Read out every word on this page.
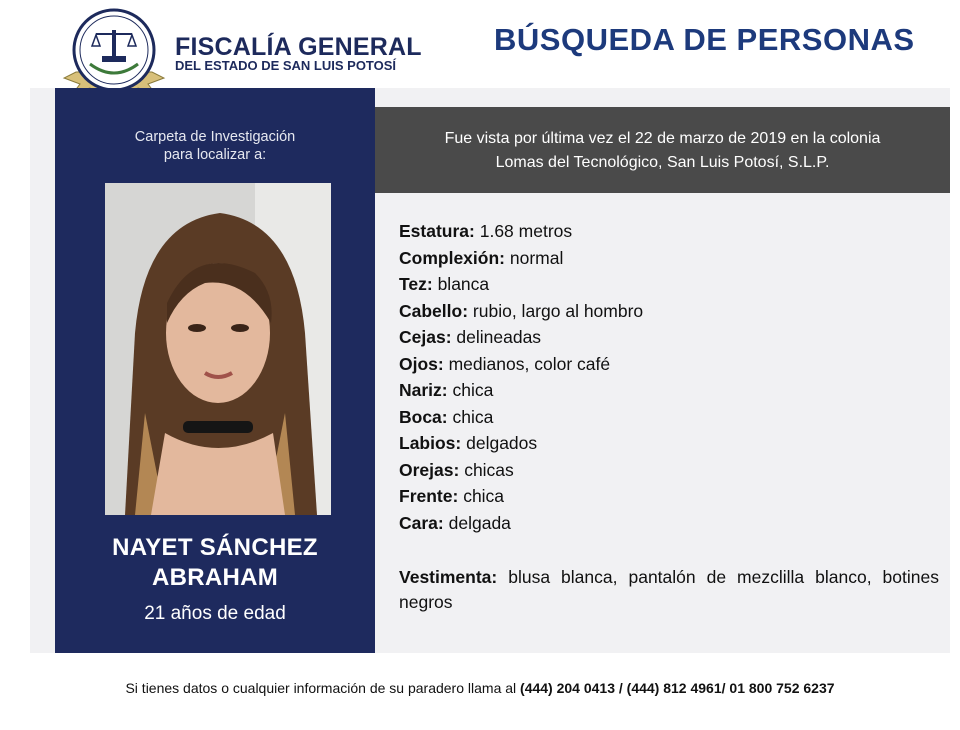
FISCALÍA GENERAL
DEL ESTADO DE SAN LUIS POTOSÍ
BÚSQUEDA DE PERSONAS
Carpeta de Investigación
para localizar a:
NAYET SÁNCHEZ
ABRAHAM
21 años de edad
Fue vista por última vez el 22 de marzo de 2019 en la colonia
Lomas del Tecnológico, San Luis Potosí, S.L.P.
Estatura: 1.68 metros
Complexión: normal
Tez: blanca
Cabello: rubio, largo al hombro
Cejas: delineadas
Ojos: medianos, color café
Nariz: chica
Boca: chica
Labios: delgados
Orejas: chicas
Frente: chica
Cara: delgada
Vestimenta: blusa blanca, pantalón de mezclilla blanco, botines negros
Si tienes datos o cualquier información de su paradero llama al (444) 204 0413 / (444) 812 4961/ 01 800 752 6237
